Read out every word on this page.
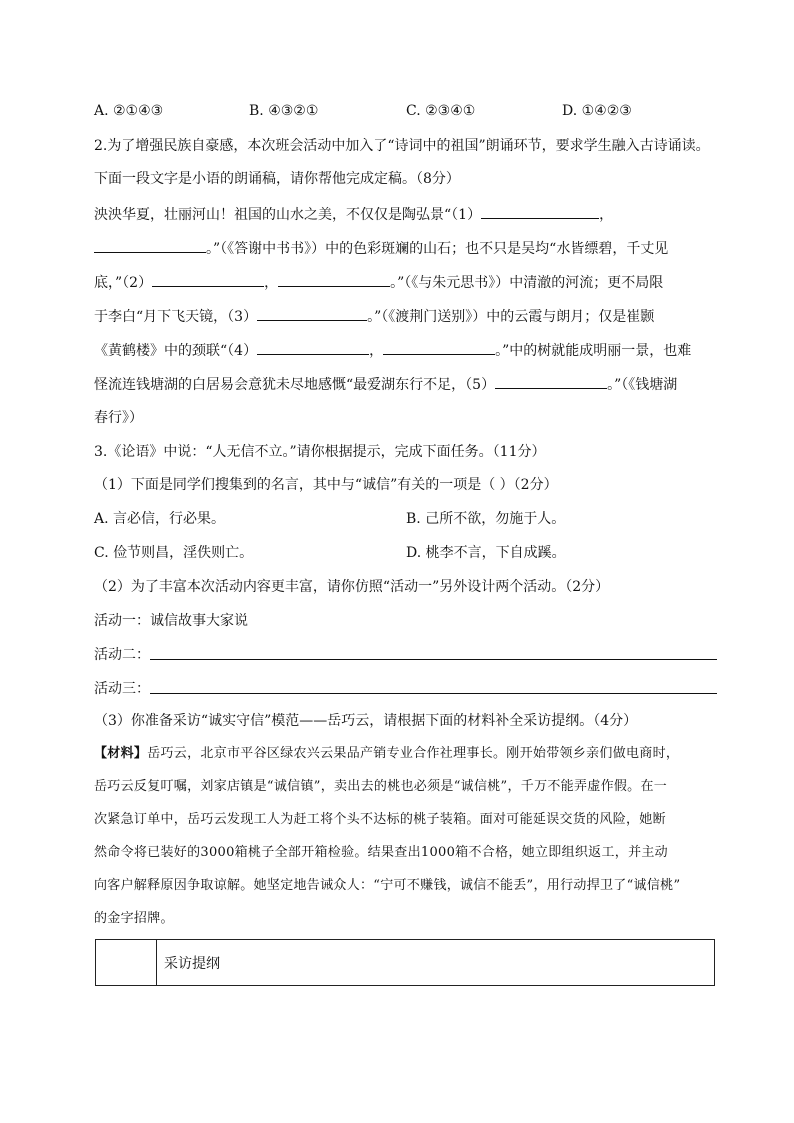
A. ②①④③	B. ④③②①	C. ②③④①	D. ①④②③
2.为了增强民族自豪感，本次班会活动中加入了“诗词中的祖国”朗诵环节，要求学生融入古诗诵读。
下面一段文字是小语的朗诵稿，请你帮他完成定稿。（8分）
泱泱华夏，壮丽河山！祖国的山水之美，不仅仅是陶弘景“（1）	，
。”（《答谢中书书》）中的色彩斑斓的山石；也不只是吴均“水皆缥碧，千丈见
底，”（2）	，	。”（《与朱元思书》）中清澈的河流；更不局限
于李白“月下飞天镜，（3）	。”（《渡荆门送别》）中的云霞与朗月；仅是崔颢
《黄鹤楼》中的颈联“（4）	，	。”中的树就能成明丽一景，也难
怪流连钱塘湖的白居易会意犹未尽地感慨“最爱湖东行不足，（5）	。”（《钱塘湖
春行》）
3.《论语》中说：“人无信不立。”请你根据提示，完成下面任务。（11分）
（1）下面是同学们搜集到的名言，其中与“诚信”有关的一项是（ ）（2分）
A. 言必信，行必果。	B. 己所不欲，勿施于人。
C. 俭节则昌，淫佚则亡。	D. 桃李不言，下自成蹊。
（2）为了丰富本次活动内容更丰富，请你仿照“活动一”另外设计两个活动。（2分）
活动一：诚信故事大家说
活动二：
活动三：
（3）你准备采访“诚实守信”模范——岳巧云，请根据下面的材料补全采访提纲。（4分）
【材料】岳巧云，北京市平谷区绿农兴云果品产销专业合作社理事长。刚开始带领乡亲们做电商时，
岳巧云反复叮嘱，刘家店镇是“诚信镇”，卖出去的桃也必须是“诚信桃”，千万不能弄虚作假。在一
次紧急订单中，岳巧云发现工人为赶工将个头不达标的桃子装箱。面对可能延误交货的风险，她断
然命令将已装好的3000箱桃子全部开箱检验。结果查出1000箱不合格，她立即组织返工，并主动
向客户解释原因争取谅解。她坚定地告诫众人：“宁可不赚钱，诚信不能丢”，用行动捍卫了“诚信桃”
的金字招牌。
采访提纲
